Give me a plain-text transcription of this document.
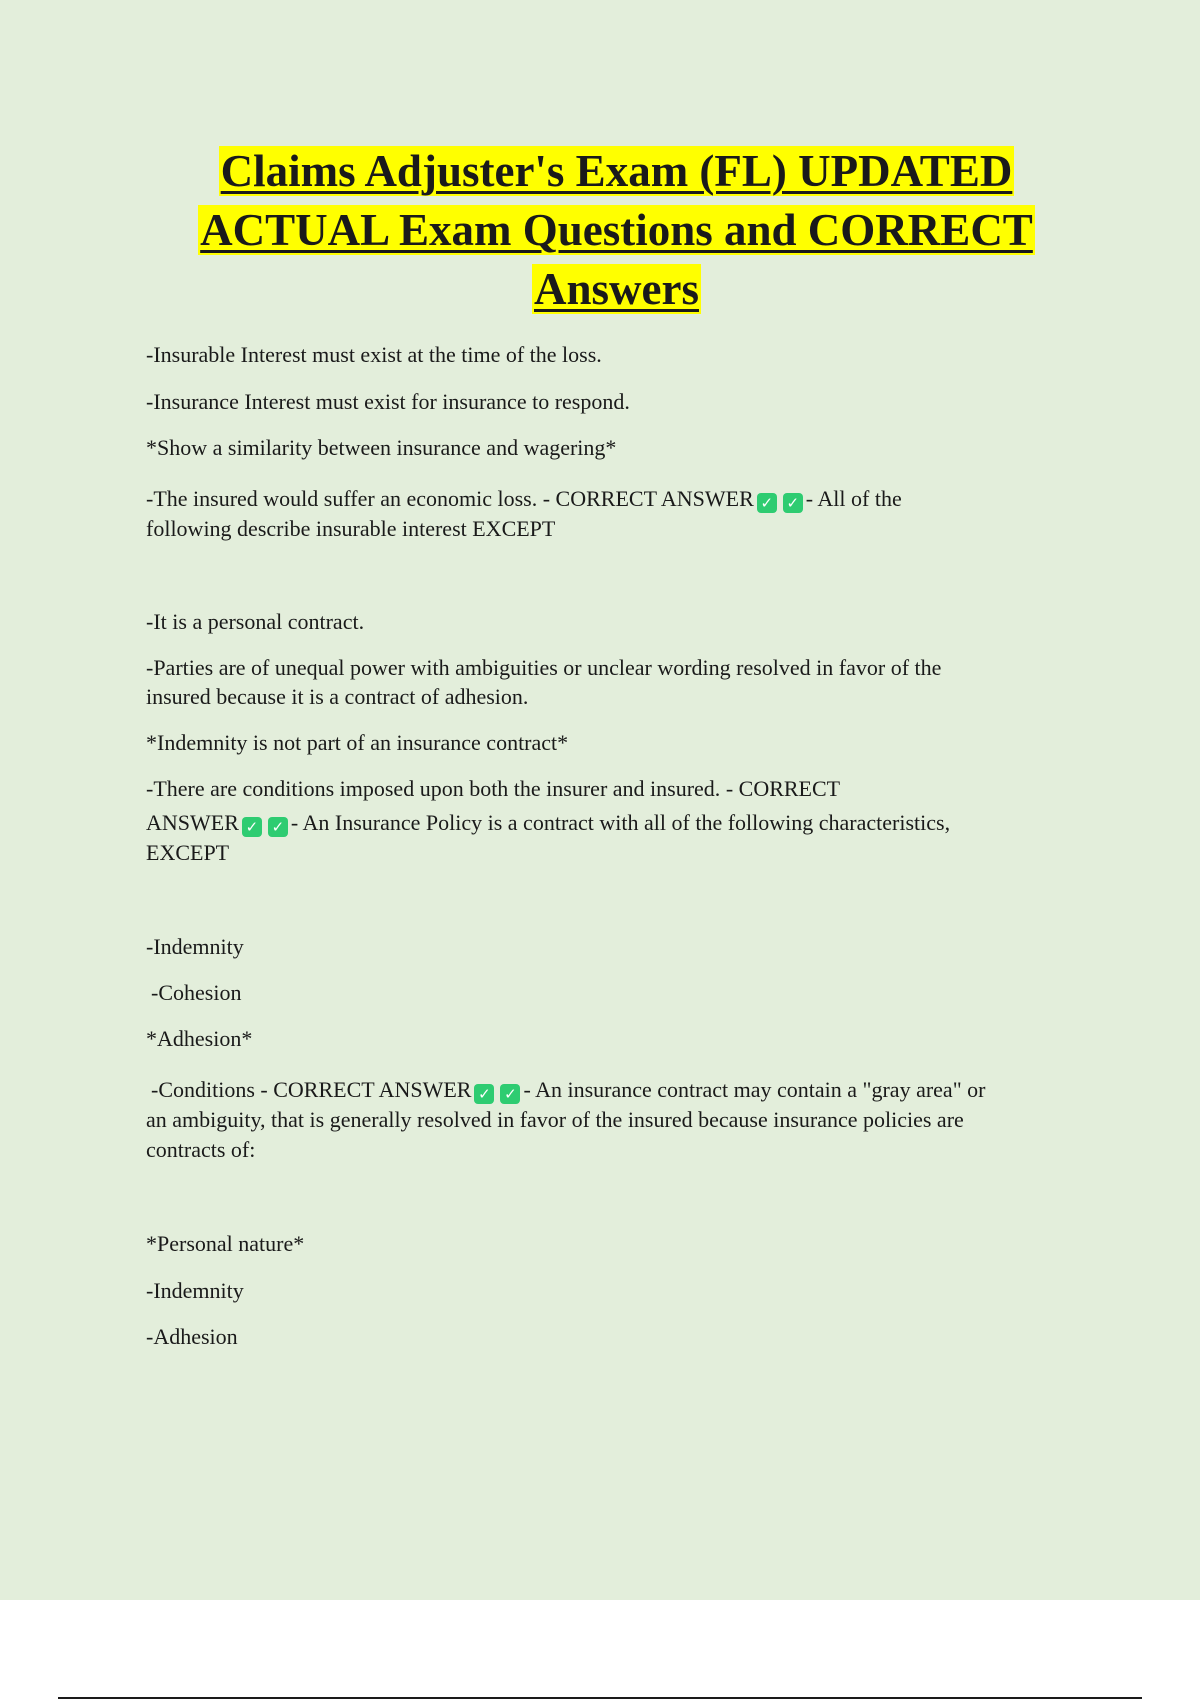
Claims Adjuster's Exam (FL) UPDATED
ACTUAL Exam Questions and CORRECT
Answers

-Insurable Interest must exist at the time of the loss.

-Insurance Interest must exist for insurance to respond.

*Show a similarity between insurance and wagering*

-The insured would suffer an economic loss. - CORRECT ANSWER ✓ ✓ - All of the

following describe insurable interest EXCEPT

-It is a personal contract.

-Parties are of unequal power with ambiguities or unclear wording resolved in favor of the

insured because it is a contract of adhesion.

*Indemnity is not part of an insurance contract*

-There are conditions imposed upon both the insurer and insured. - CORRECT

ANSWER ✓ ✓ - An Insurance Policy is a contract with all of the following characteristics,

EXCEPT

-Indemnity

-Cohesion

*Adhesion*

-Conditions - CORRECT ANSWER ✓ ✓ - An insurance contract may contain a "gray area" or

an ambiguity, that is generally resolved in favor of the insured because insurance policies are

contracts of:

*Personal nature*

-Indemnity

-Adhesion
